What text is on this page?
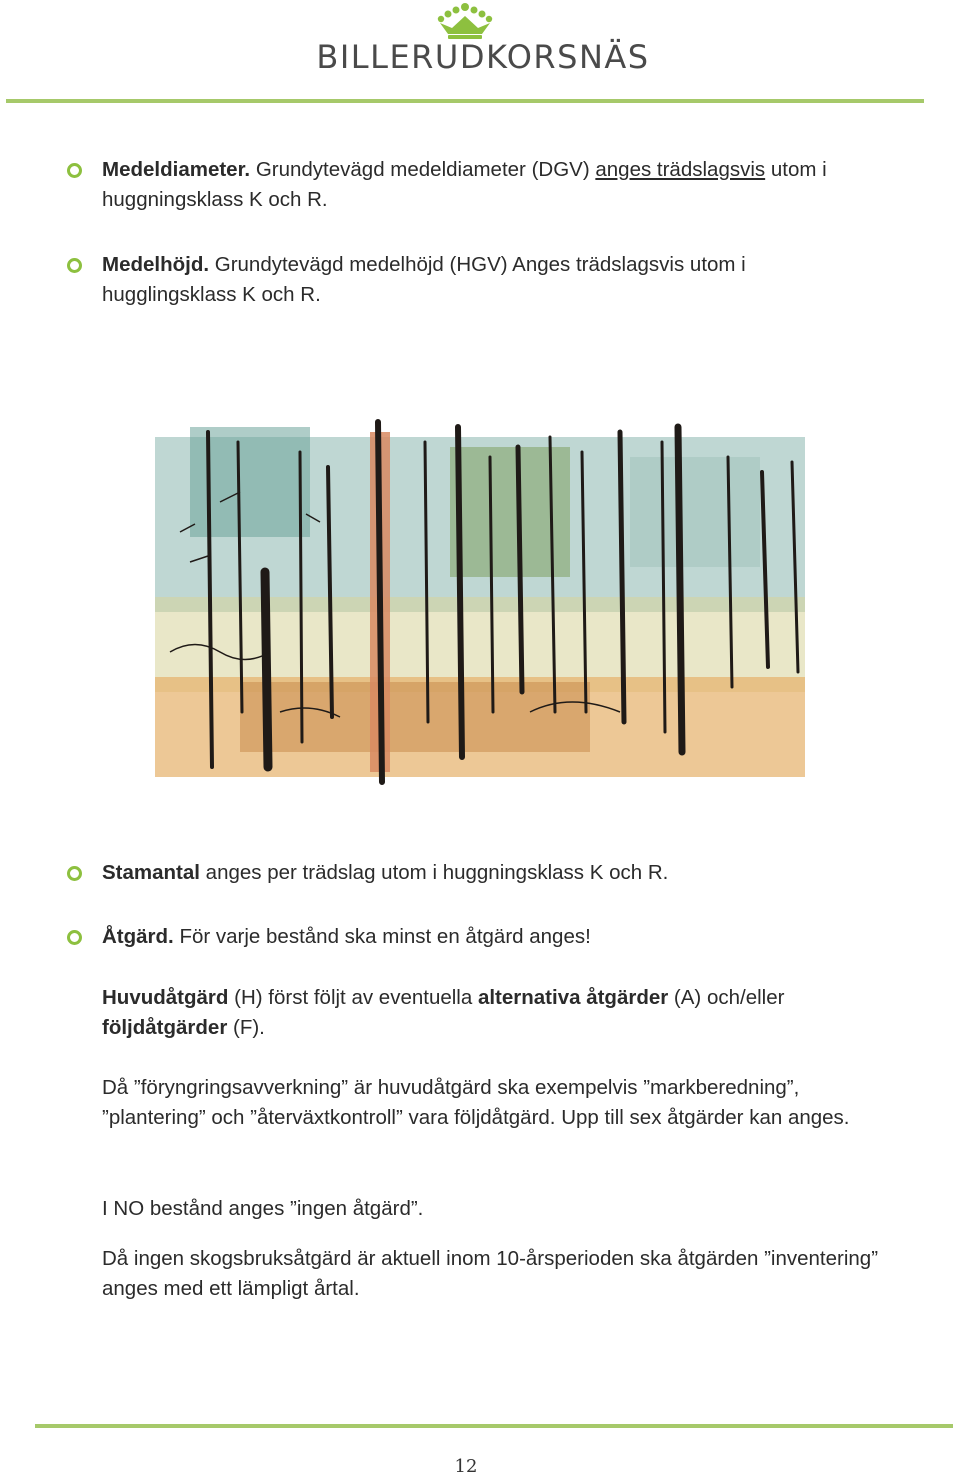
BILLERUDKORSNÄS
Medeldiameter. Grundytevägd medeldiameter (DGV) anges trädslagsvis utom i huggningsklass K och R.
Medelhöjd. Grundytevägd medelhöjd (HGV) Anges trädslagsvis utom i hugglingsklass K och R.
Stamantal anges per trädslag utom i huggningsklass K och R.
Åtgärd. För varje bestånd ska minst en åtgärd anges!
Huvudåtgärd (H) först följt av eventuella alternativa åtgärder (A) och/eller följdåtgärder (F).
Då ”föryngringsavverkning” är huvudåtgärd ska exempelvis ”markberedning”, ”plantering” och ”återväxtkontroll” vara följdåtgärd. Upp till sex åtgärder kan anges.
I NO bestånd anges ”ingen åtgärd”.
Då ingen skogsbruksåtgärd är aktuell inom 10-årsperioden ska åtgärden ”inventering” anges med ett lämpligt årtal.
12
